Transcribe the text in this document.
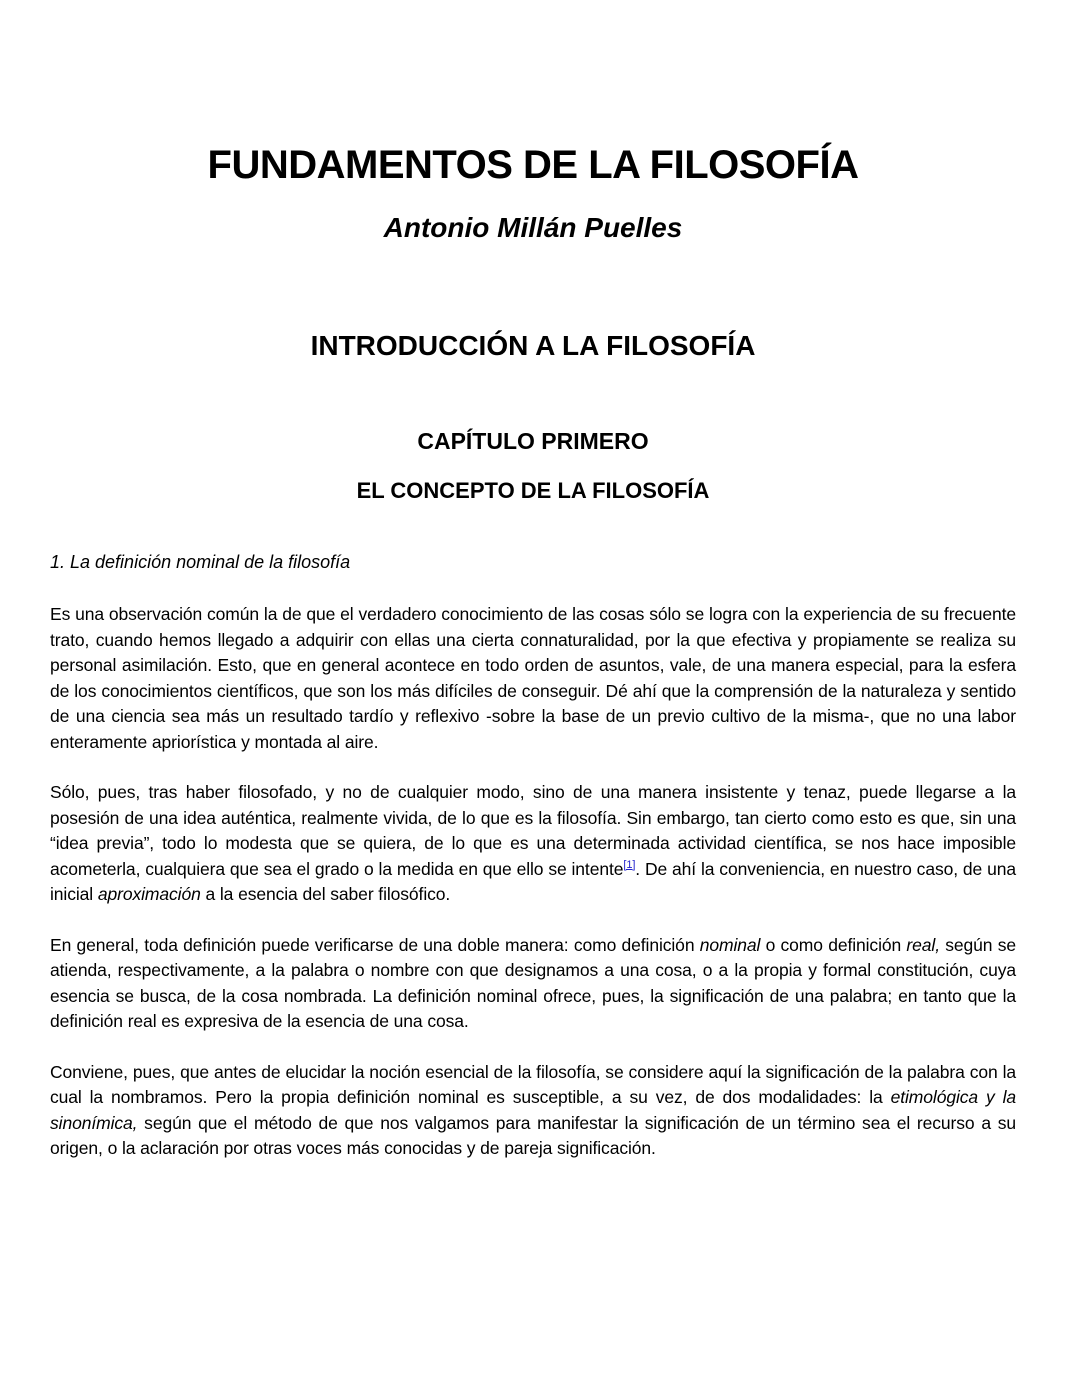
FUNDAMENTOS DE LA FILOSOFÍA
Antonio Millán Puelles
INTRODUCCIÓN A LA FILOSOFÍA
CAPÍTULO PRIMERO
EL CONCEPTO DE LA FILOSOFÍA
1. La definición nominal de la filosofía

Es una observación común la de que el verdadero conocimiento de las cosas sólo se logra con la experiencia de su frecuente trato, cuando hemos llegado a adquirir con ellas una cierta connaturalidad, por la que efectiva y propiamente se realiza su personal asimilación. Esto, que en general acontece en todo orden de asuntos, vale, de una manera especial, para la esfera de los conocimientos científicos, que son los más difíciles de conseguir. Dé ahí que la comprensión de la naturaleza y sentido de una ciencia sea más un resultado tardío y reflexivo -sobre la base de un previo cultivo de la misma-, que no una labor enteramente apriorística y montada al aire.

Sólo, pues, tras haber filosofado, y no de cualquier modo, sino de una manera insistente y tenaz, puede llegarse a la posesión de una idea auténtica, realmente vivida, de lo que es la filosofía. Sin embargo, tan cierto como esto es que, sin una “idea previa”, todo lo modesta que se quiera, de lo que es una determinada actividad científica, se nos hace imposible acometerla, cualquiera que sea el grado o la medida en que ello se intente[1]. De ahí la conveniencia, en nuestro caso, de una inicial aproximación a la esencia del saber filosófico.

En general, toda definición puede verificarse de una doble manera: como definición nominal o como definición real, según se atienda, respectivamente, a la palabra o nombre con que designamos a una cosa, o a la propia y formal constitución, cuya esencia se busca, de la cosa nombrada. La definición nominal ofrece, pues, la significación de una palabra; en tanto que la definición real es expresiva de la esencia de una cosa.

Conviene, pues, que antes de elucidar la noción esencial de la filosofía, se considere aquí la significación de la palabra con la cual la nombramos. Pero la propia definición nominal es susceptible, a su vez, de dos modalidades: la etimológica y la sinonímica, según que el método de que nos valgamos para manifestar la significación de un término sea el recurso a su origen, o la aclaración por otras voces más conocidas y de pareja significación.
